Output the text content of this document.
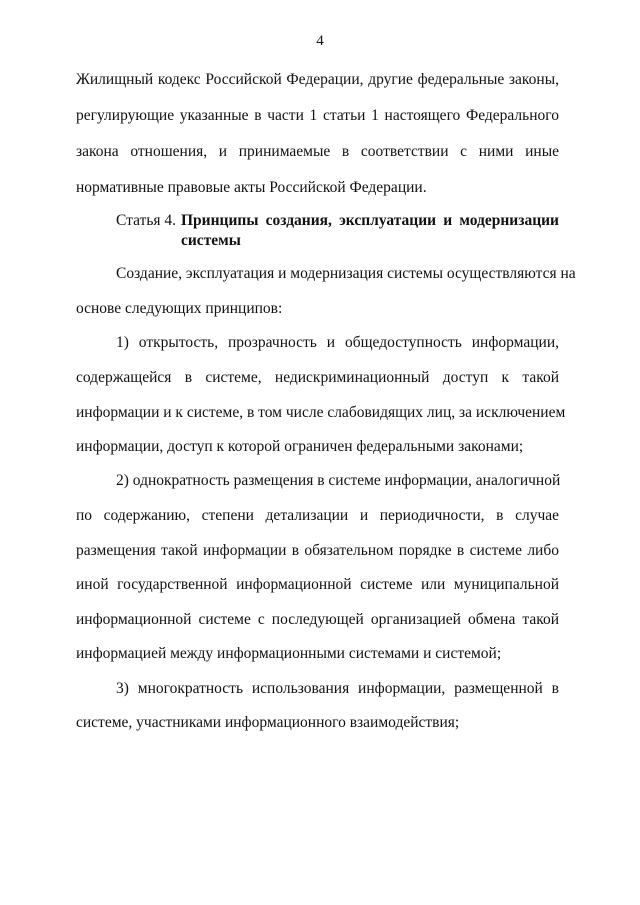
4
Жилищный кодекс Российской Федерации, другие федеральные законы,
регулирующие указанные в части 1 статьи 1 настоящего Федерального
закона отношения, и принимаемые в соответствии с ними иные
нормативные правовые акты Российской Федерации.
Статья 4. Принципы создания, эксплуатации и модернизации
системы
Создание, эксплуатация и модернизация системы осуществляются на
основе следующих принципов:
1) открытость, прозрачность и общедоступность информации,
содержащейся в системе, недискриминационный доступ к такой
информации и к системе, в том числе слабовидящих лиц, за исключением
информации, доступ к которой ограничен федеральными законами;
2) однократность размещения в системе информации, аналогичной
по содержанию, степени детализации и периодичности, в случае
размещения такой информации в обязательном порядке в системе либо
иной государственной информационной системе или муниципальной
информационной системе с последующей организацией обмена такой
информацией между информационными системами и системой;
3) многократность использования информации, размещенной в
системе, участниками информационного взаимодействия;
